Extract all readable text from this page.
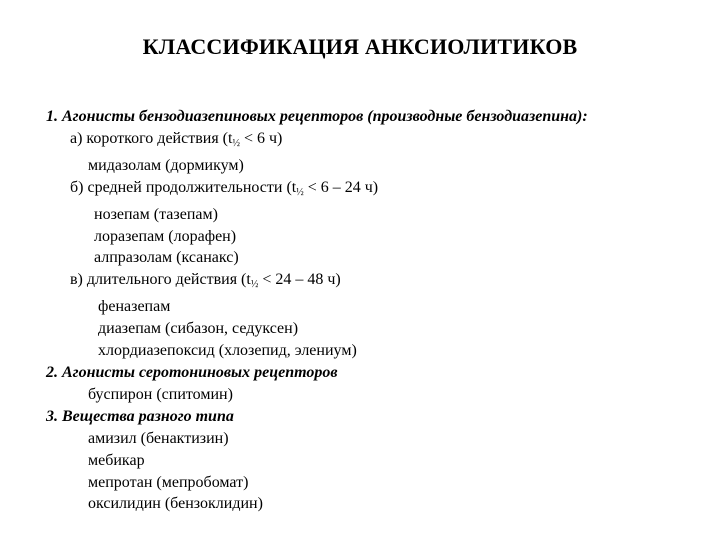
КЛАССИФИКАЦИЯ АНКСИОЛИТИКОВ
1. Агонисты бензодиазепиновых рецепторов (производные бензодиазепина):
а) короткого действия (t½ < 6 ч)
мидазолам (дормикум)
б) средней продолжительности (t½ < 6 – 24 ч)
нозепам (тазепам)
лоразепам (лорафен)
алпразолам (ксанакс)
в) длительного действия (t½ < 24 – 48 ч)
феназепам
диазепам (сибазон, седуксен)
хлордиазепоксид (хлозепид, элениум)
2. Агонисты серотониновых рецепторов
буспирон (спитомин)
3. Вещества разного типа
амизил (бенактизин)
мебикар
мепротан (мепробомат)
оксилидин (бензоклидин)
